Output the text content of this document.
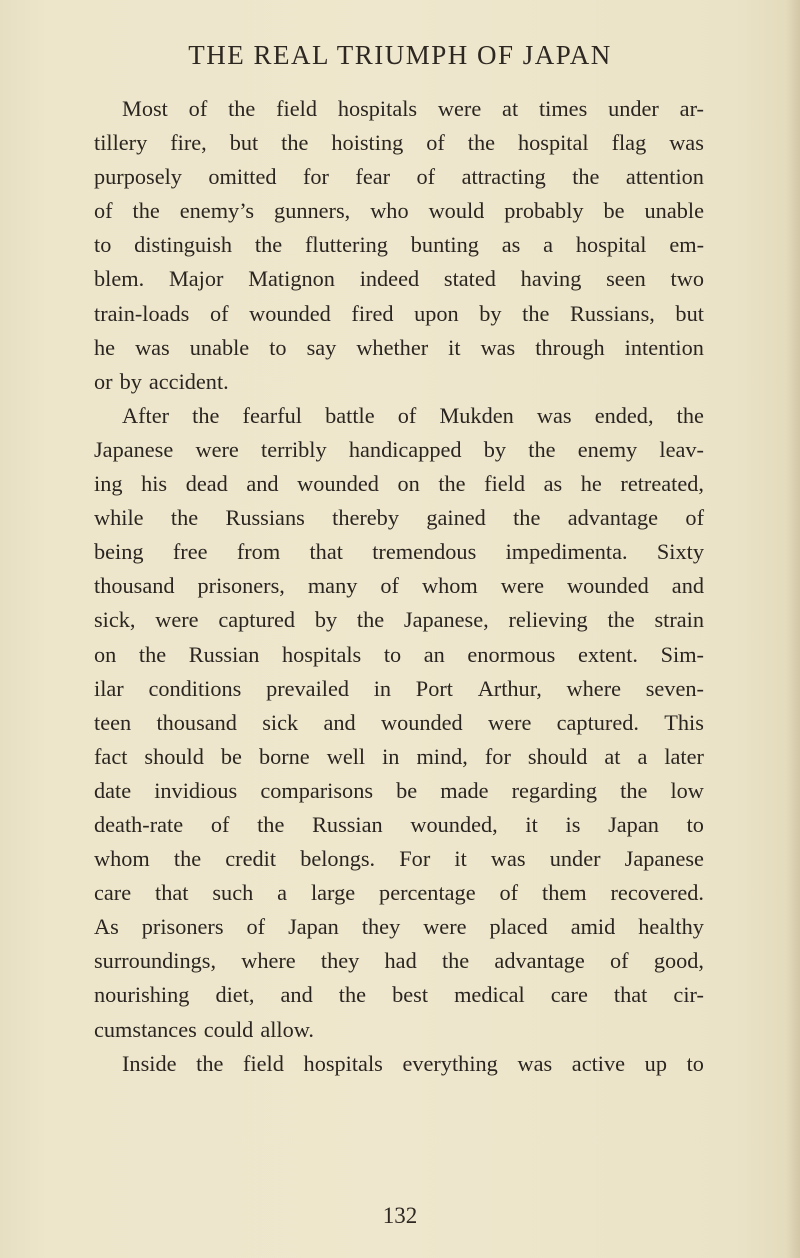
THE REAL TRIUMPH OF JAPAN
Most of the field hospitals were at times under ar-
tillery fire, but the hoisting of the hospital flag was
purposely omitted for fear of attracting the attention
of the enemy’s gunners, who would probably be unable
to distinguish the fluttering bunting as a hospital em-
blem. Major Matignon indeed stated having seen two
train-loads of wounded fired upon by the Russians, but
he was unable to say whether it was through intention
or by accident.
After the fearful battle of Mukden was ended, the
Japanese were terribly handicapped by the enemy leav-
ing his dead and wounded on the field as he retreated,
while the Russians thereby gained the advantage of
being free from that tremendous impedimenta. Sixty
thousand prisoners, many of whom were wounded and
sick, were captured by the Japanese, relieving the strain
on the Russian hospitals to an enormous extent. Sim-
ilar conditions prevailed in Port Arthur, where seven-
teen thousand sick and wounded were captured. This
fact should be borne well in mind, for should at a later
date invidious comparisons be made regarding the low
death-rate of the Russian wounded, it is Japan to
whom the credit belongs. For it was under Japanese
care that such a large percentage of them recovered.
As prisoners of Japan they were placed amid healthy
surroundings, where they had the advantage of good,
nourishing diet, and the best medical care that cir-
cumstances could allow.
Inside the field hospitals everything was active up to
132
